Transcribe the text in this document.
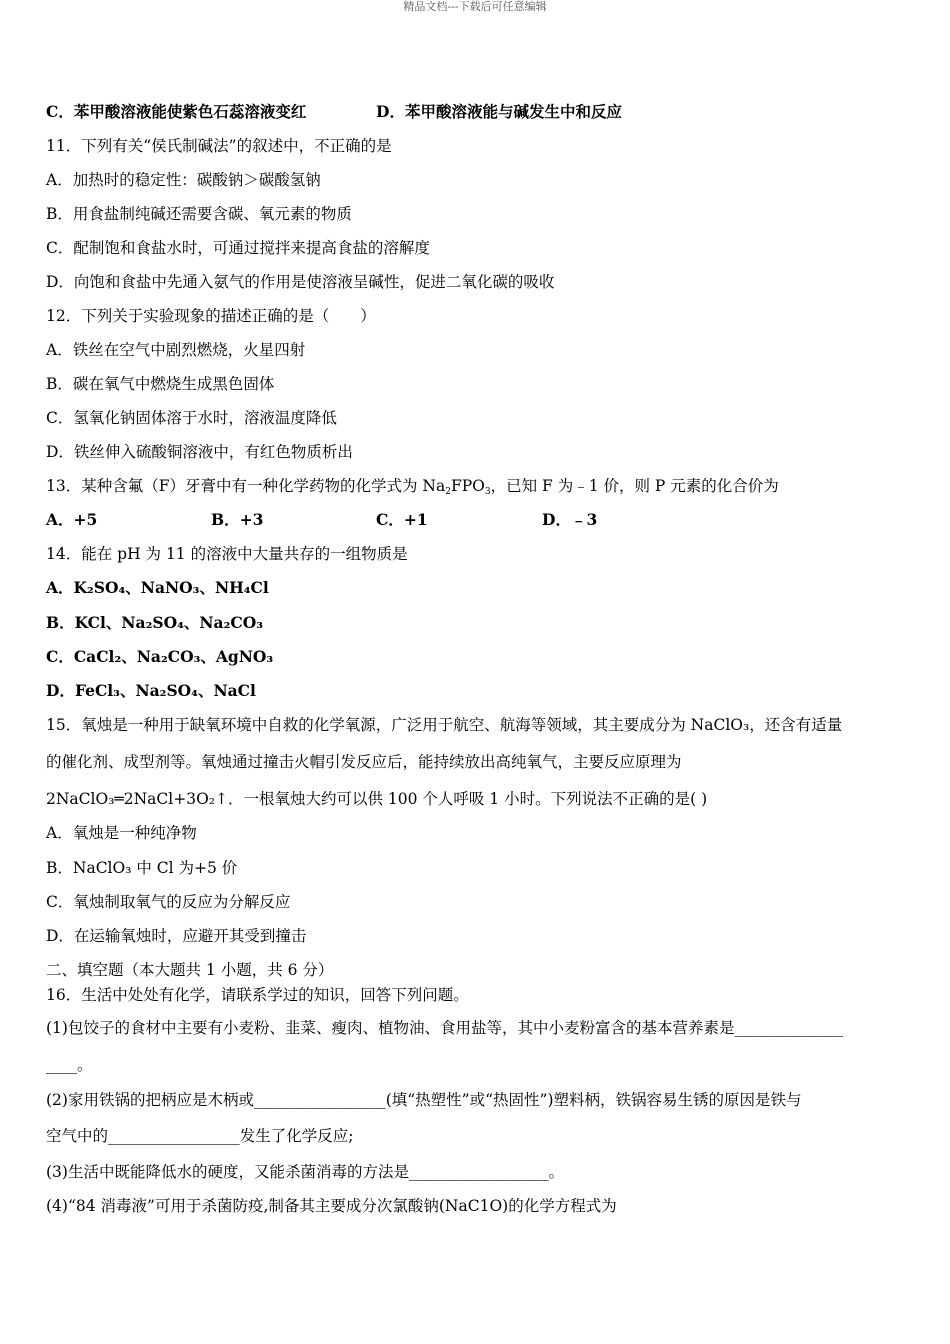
精品文档---下载后可任意编辑
C．苯甲酸溶液能使紫色石蕊溶液变红	D．苯甲酸溶液能与碱发生中和反应
11．下列有关“侯氏制碱法”的叙述中，不正确的是
A．加热时的稳定性：碳酸钠＞碳酸氢钠
B．用食盐制纯碱还需要含碳、氧元素的物质
C．配制饱和食盐水时，可通过搅拌来提高食盐的溶解度
D．向饱和食盐中先通入氨气的作用是使溶液呈碱性，促进二氧化碳的吸收
12．下列关于实验现象的描述正确的是（　　）
A．铁丝在空气中剧烈燃烧，火星四射
B．碳在氧气中燃烧生成黑色固体
C．氢氧化钠固体溶于水时，溶液温度降低
D．铁丝伸入硫酸铜溶液中，有红色物质析出
13．某种含氟（F）牙膏中有一种化学药物的化学式为 $Na_2FPO_3$，已知 F 为﹣1 价，则 P 元素的化合价为
A．+5	B．+3	C．+1	D．﹣3
14．能在 pH 为 11 的溶液中大量共存的一组物质是
A．K₂SO₄、NaNO₃、NH₄Cl
B．KCl、Na₂SO₄、Na₂CO₃
C．CaCl₂、Na₂CO₃、AgNO₃
D．FeCl₃、Na₂SO₄、NaCl
15．氧烛是一种用于缺氧环境中自救的化学氧源，广泛用于航空、航海等领域，其主要成分为 NaClO₃，还含有适量
的催化剂、成型剂等。氧烛通过撞击火帽引发反应后，能持续放出高纯氧气，主要反应原理为
2NaClO₃═2NaCl+3O₂↑．一根氧烛大约可以供 100 个人呼吸 1 小时。下列说法不正确的是( )
A．氧烛是一种纯净物
B．NaClO₃ 中 Cl 为+5 价
C．氧烛制取氧气的反应为分解反应
D．在运输氧烛时，应避开其受到撞击
二、填空题（本大题共 1 小题，共 6 分）
16．生活中处处有化学，请联系学过的知识，回答下列问题。
(1)包饺子的食材中主要有小麦粉、韭菜、瘦肉、植物油、食用盐等，其中小麦粉富含的基本营养素是______________
____。
(2)家用铁锅的把柄应是木柄或_________________(填“热塑性”或“热固性”)塑料柄，铁锅容易生锈的原因是铁与
空气中的_________________发生了化学反应;
(3)生活中既能降低水的硬度，又能杀菌消毒的方法是__________________。
(4)“84 消毒液”可用于杀菌防疫,制备其主要成分次氯酸钠(NaC1O)的化学方程式为
